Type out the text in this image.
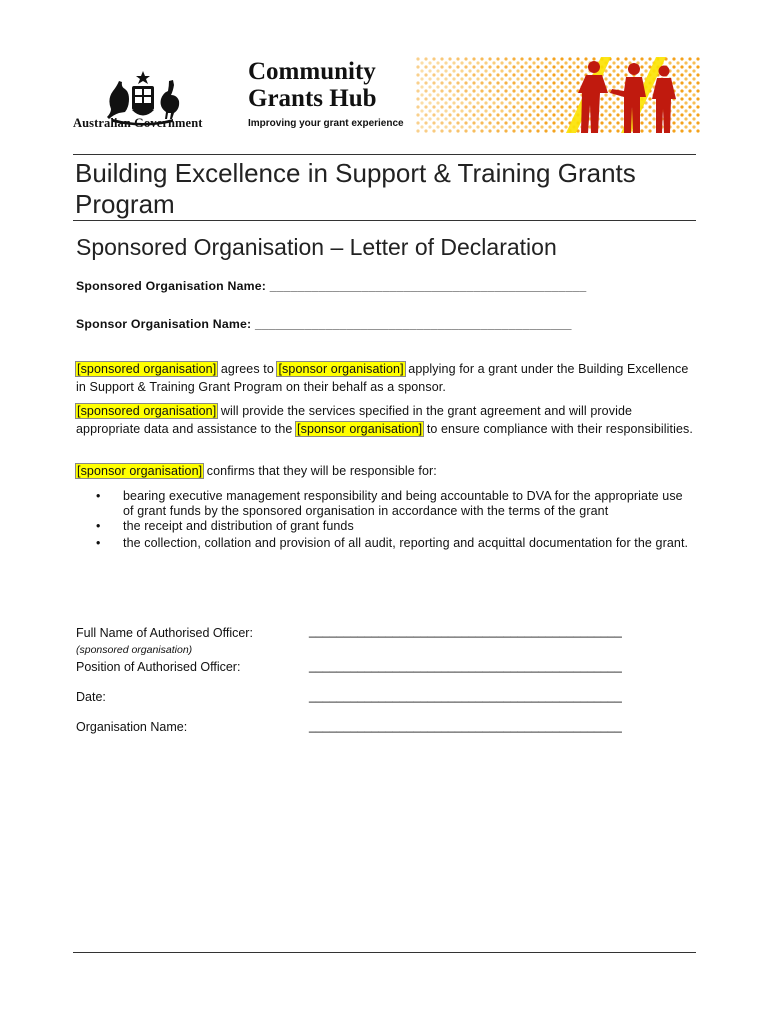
Australian Government
Community
Grants Hub
Improving your grant experience
Building Excellence in Support & Training Grants Program
Sponsored Organisation – Letter of Declaration
Sponsored Organisation Name: _____________________________________________
Sponsor Organisation Name: _____________________________________________
[sponsored organisation] agrees to [sponsor organisation] applying for a grant under the Building Excellence in Support & Training Grant Program on their behalf as a sponsor.
[sponsored organisation] will provide the services specified in the grant agreement and will provide appropriate data and assistance to the [sponsor organisation] to ensure compliance with their responsibilities.
[sponsor organisation] confirms that they will be responsible for:
• bearing executive management responsibility and being accountable to DVA for the appropriate use of grant funds by the sponsored organisation in accordance with the terms of the grant
• the receipt and distribution of grant funds
• the collection, collation and provision of all audit, reporting and acquittal documentation for the grant.
Full Name of Authorised Officer:	_____________________________________________
(sponsored organisation)
Position of Authorised Officer:	_____________________________________________
Date:	_____________________________________________
Organisation Name:	_____________________________________________
